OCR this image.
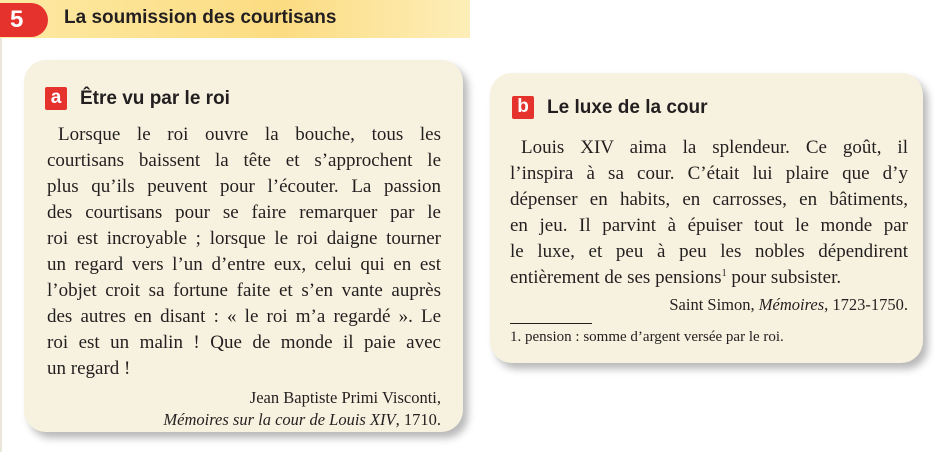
5 La soumission des courtisans
a Être vu par le roi
Lorsque le roi ouvre la bouche, tous les
courtisans baissent la tête et s’approchent le
plus qu’ils peuvent pour l’écouter. La passion
des courtisans pour se faire remarquer par le
roi est incroyable ; lorsque le roi daigne tourner
un regard vers l’un d’entre eux, celui qui en est
l’objet croit sa fortune faite et s’en vante auprès
des autres en disant : « le roi m’a regardé ». Le
roi est un malin ! Que de monde il paie avec
un regard !
Jean Baptiste Primi Visconti,
Mémoires sur la cour de Louis XIV, 1710.
b Le luxe de la cour
Louis XIV aima la splendeur. Ce goût, il
l’inspira à sa cour. C’était lui plaire que d’y
dépenser en habits, en carrosses, en bâtiments,
en jeu. Il parvint à épuiser tout le monde par
le luxe, et peu à peu les nobles dépendirent
entièrement de ses pensions$^1$ pour subsister.
Saint Simon, Mémoires, 1723-1750.
1. pension : somme d’argent versée par le roi.
